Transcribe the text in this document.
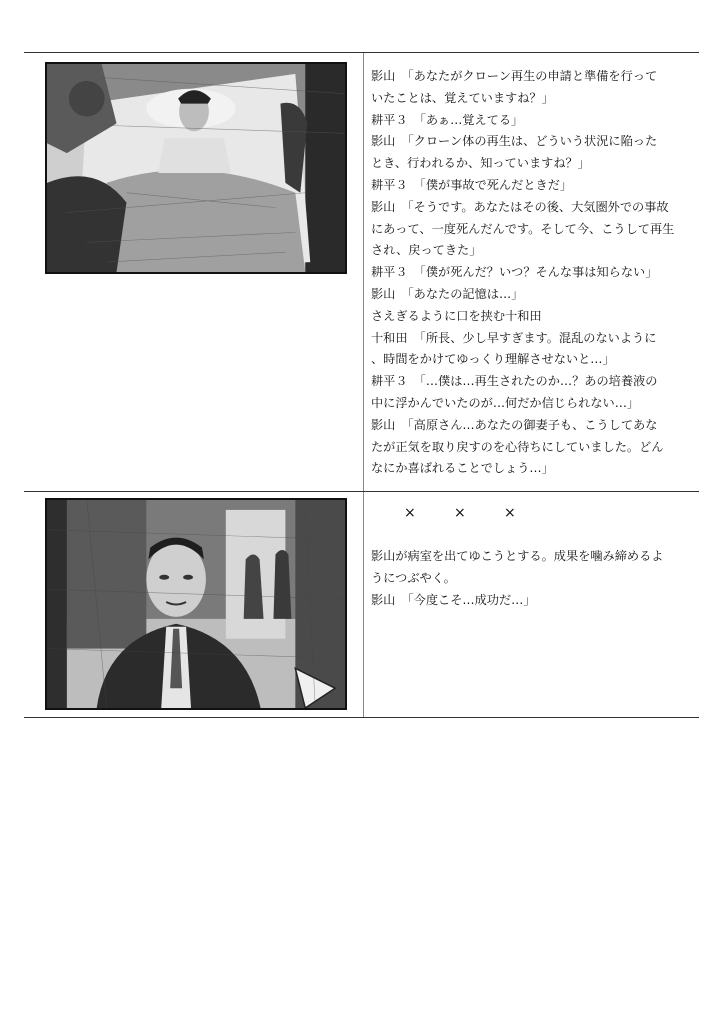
影山　「あなたがクローン再生の申請と準備を行って
いたことは、覚えていますね？」
耕平３　「あぁ…覚えてる」
影山　「クローン体の再生は、どういう状況に陥った
とき、行われるか、知っていますね？」
耕平３　「僕が事故で死んだときだ」
影山　「そうです。あなたはその後、大気圏外での事故
にあって、一度死んだんです。そして今、こうして再生
され、戻ってきた」
耕平３　「僕が死んだ？いつ？そんな事は知らない」
影山　「あなたの記憶は…」
さえぎるように口を挟む十和田
十和田　「所長、少し早すぎます。混乱のないように
、時間をかけてゆっくり理解させないと…」
耕平３　「…僕は…再生されたのか…？あの培養液の
中に浮かんでいたのが…何だか信じられない…」
影山　「高原さん…あなたの御妻子も、こうしてあな
たが正気を取り戻すのを心待ちにしていました。どん
なにか喜ばれることでしょう…」
×	×	×
影山が病室を出てゆこうとする。成果を噛み締めるよ
うにつぶやく。
影山　「今度こそ…成功だ…」
